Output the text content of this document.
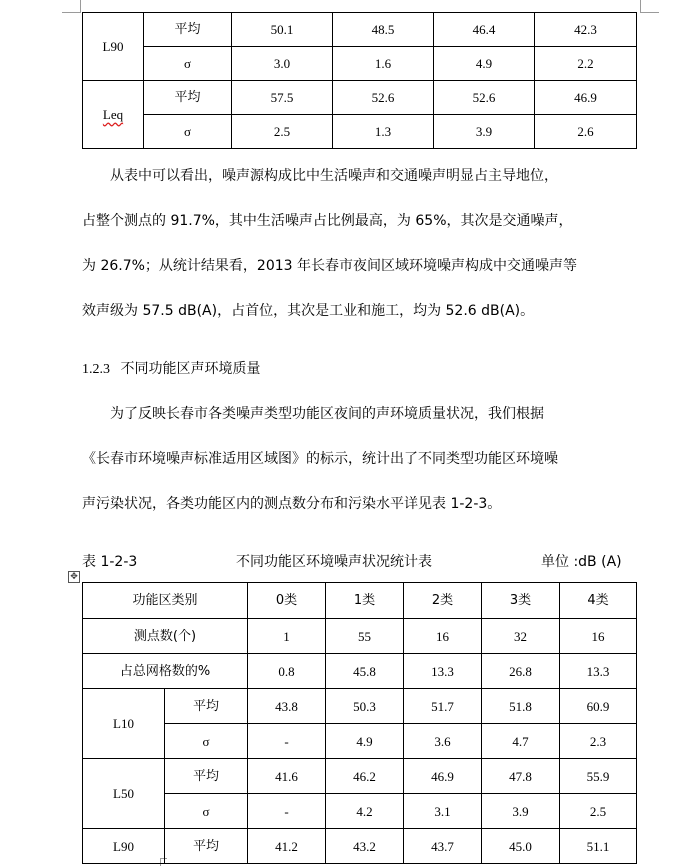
L90	平均	50.1	48.5	46.4	42.3
	σ	3.0	1.6	4.9	2.2
Leq	平均	57.5	52.6	52.6	46.9
	σ	2.5	1.3	3.9	2.6

从表中可以看出，噪声源构成比中生活噪声和交通噪声明显占主导地位，

占整个测点的 91.7%，其中生活噪声占比例最高，为 65%，其次是交通噪声，

为 26.7%；从统计结果看，2013 年长春市夜间区域环境噪声构成中交通噪声等

效声级为 57.5 dB(A)，占首位，其次是工业和施工，均为 52.6 dB(A)。

1.2.3 不同功能区声环境质量

为了反映长春市各类噪声类型功能区夜间的声环境质量状况，我们根据

《长春市环境噪声标准适用区域图》的标示，统计出了不同类型功能区环境噪

声污染状况，各类功能区内的测点数分布和污染水平详见表 1-2-3。

表 1-2-3	不同功能区环境噪声状况统计表	单位 :dB (A)
✥
功能区类别		0类	1类	2类	3类	4类
测点数(个)		1	55	16	32	16
占总网格数的%		0.8	45.8	13.3	26.8	13.3
L10	平均	43.8	50.3	51.7	51.8	60.9
	σ	-	4.9	3.6	4.7	2.3
L50	平均	41.6	46.2	46.9	47.8	55.9
	σ	-	4.2	3.1	3.9	2.5
L90	平均	41.2	43.2	43.7	45.0	51.1
